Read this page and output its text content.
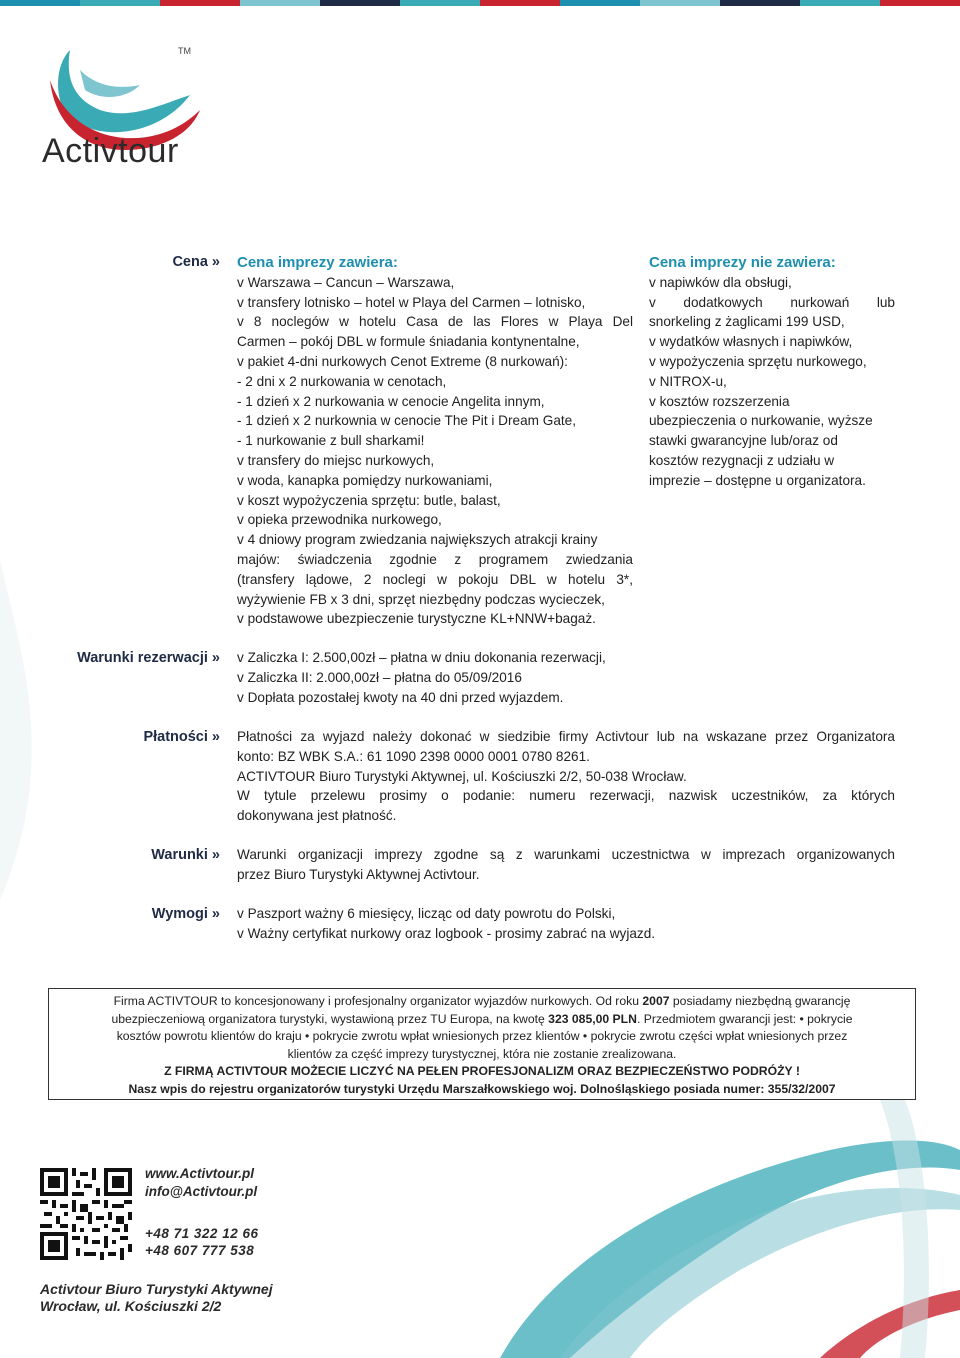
TM
Activtour
Cena » Cena imprezy zawiera:
v Warszawa – Cancun – Warszawa,
v transfery lotnisko – hotel w Playa del Carmen – lotnisko,
v 8 noclegów w hotelu Casa de las Flores w Playa Del
Carmen – pokój DBL w formule śniadania kontynentalne,
v pakiet 4-dni nurkowych Cenot Extreme (8 nurkowań):
- 2 dni x 2 nurkowania w cenotach,
- 1 dzień x 2 nurkowania w cenocie Angelita innym,
- 1 dzień x 2 nurkownia w cenocie The Pit i Dream Gate,
- 1 nurkowanie z bull sharkami!
v transfery do miejsc nurkowych,
v woda, kanapka pomiędzy nurkowaniami,
v koszt wypożyczenia sprzętu: butle, balast,
v opieka przewodnika nurkowego,
v 4 dniowy program zwiedzania największych atrakcji krainy
majów: świadczenia zgodnie z programem zwiedzania
(transfery lądowe, 2 noclegi w pokoju DBL w hotelu 3*,
wyżywienie FB x 3 dni, sprzęt niezbędny podczas wycieczek,
v podstawowe ubezpieczenie turystyczne KL+NNW+bagaż.
Cena imprezy nie zawiera:
v napiwków dla obsługi,
v dodatkowych nurkowań lub
snorkeling z żaglicami 199 USD,
v wydatków własnych i napiwków,
v wypożyczenia sprzętu nurkowego,
v NITROX-u,
v kosztów rozszerzenia
ubezpieczenia o nurkowanie, wyższe
stawki gwarancyjne lub/oraz od
kosztów rezygnacji z udziału w
imprezie – dostępne u organizatora.
Warunki rezerwacji » v Zaliczka I: 2.500,00zł – płatna w dniu dokonania rezerwacji,
v Zaliczka II: 2.000,00zł – płatna do 05/09/2016
v Dopłata pozostałej kwoty na 40 dni przed wyjazdem.
Płatności » Płatności za wyjazd należy dokonać w siedzibie firmy Activtour lub na wskazane przez Organizatora
konto: BZ WBK S.A.: 61 1090 2398 0000 0001 0780 8261.
ACTIVTOUR Biuro Turystyki Aktywnej, ul. Kościuszki 2/2, 50-038 Wrocław.
W tytule przelewu prosimy o podanie: numeru rezerwacji, nazwisk uczestników, za których
dokonywana jest płatność.
Warunki » Warunki organizacji imprezy zgodne są z warunkami uczestnictwa w imprezach organizowanych
przez Biuro Turystyki Aktywnej Activtour.
Wymogi » v Paszport ważny 6 miesięcy, licząc od daty powrotu do Polski,
v Ważny certyfikat nurkowy oraz logbook - prosimy zabrać na wyjazd.
Firma ACTIVTOUR to koncesjonowany i profesjonalny organizator wyjazdów nurkowych. Od roku 2007 posiadamy niezbędną gwarancję
ubezpieczeniową organizatora turystyki, wystawioną przez TU Europa, na kwotę 323 085,00 PLN. Przedmiotem gwarancji jest: • pokrycie
kosztów powrotu klientów do kraju • pokrycie zwrotu wpłat wniesionych przez klientów • pokrycie zwrotu części wpłat wniesionych przez
klientów za część imprezy turystycznej, która nie zostanie zrealizowana.
Z FIRMĄ ACTIVTOUR MOŻECIE LICZYĆ NA PEŁEN PROFESJONALIZM ORAZ BEZPIECZEŃSTWO PODRÓŻY !
Nasz wpis do rejestru organizatorów turystyki Urzędu Marszałkowskiego woj. Dolnośląskiego posiada numer: 355/32/2007
www.Activtour.pl
info@Activtour.pl
+48 71 322 12 66
+48 607 777 538
Activtour Biuro Turystyki Aktywnej
Wrocław, ul. Kościuszki 2/2
